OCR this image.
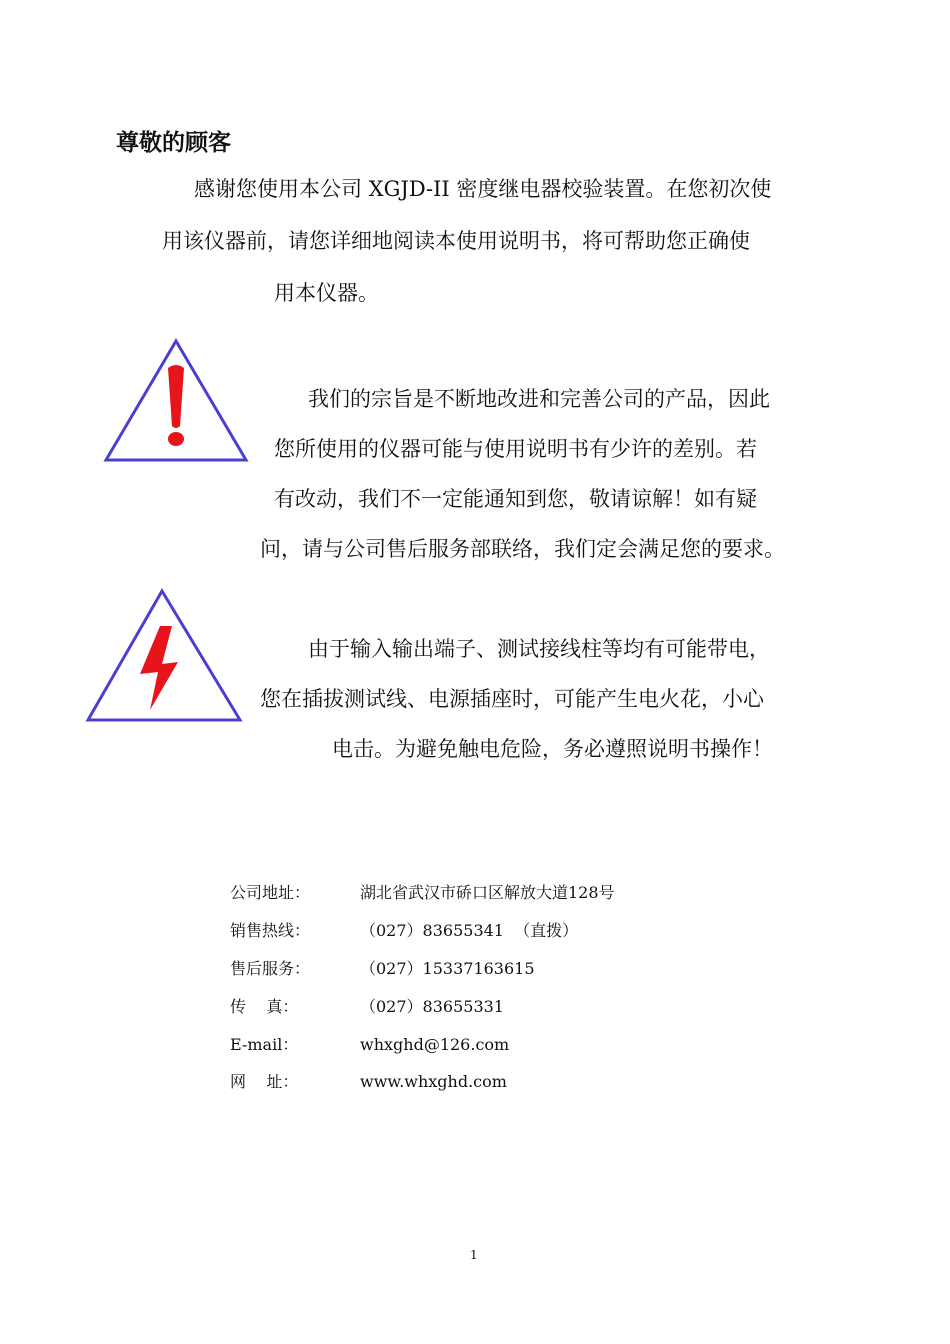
尊敬的顾客
感谢您使用本公司 XGJD-II 密度继电器校验装置。在您初次使
用该仪器前，请您详细地阅读本使用说明书，将可帮助您正确使
用本仪器。
我们的宗旨是不断地改进和完善公司的产品，因此
您所使用的仪器可能与使用说明书有少许的差别。若
有改动，我们不一定能通知到您，敬请谅解！如有疑
问，请与公司售后服务部联络，我们定会满足您的要求。
由于输入输出端子、测试接线柱等均有可能带电，
您在插拔测试线、电源插座时，可能产生电火花，小心
电击。为避免触电危险，务必遵照说明书操作！
公司地址：	湖北省武汉市硚口区解放大道128号
销售热线：	（027）83655341  （直拨）
售后服务：	（027）15337163615
传    真：	（027）83655331
E-mail：	whxghd@126.com
网    址：	www.whxghd.com
1
